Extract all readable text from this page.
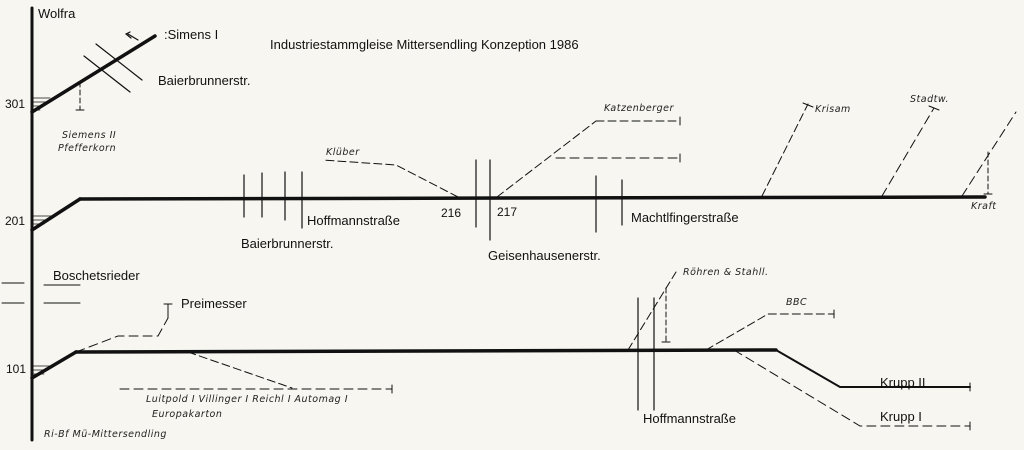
Industriestammgleise Mittersendling Konzeption 1986
Wolfra
Ri-Bf Mü-Mittersendling
Boschetsrieder
301
201
101
216	217
Baierbrunnerstr.
Baierbrunnerstr.
Hoffmannstraße
Geisenhausenerstr.
Machtlfingerstraße
Hoffmannstraße
:Simens I
Siemens II
Pfefferkorn	Klüber
Katzenberger	Krisam
Stadtw.
Kraft
Preimesser
Röhren & Stahll.
BBC
Krupp II
Krupp I
Luitpold I Villinger I Reichl I Automag I
Europakarton
